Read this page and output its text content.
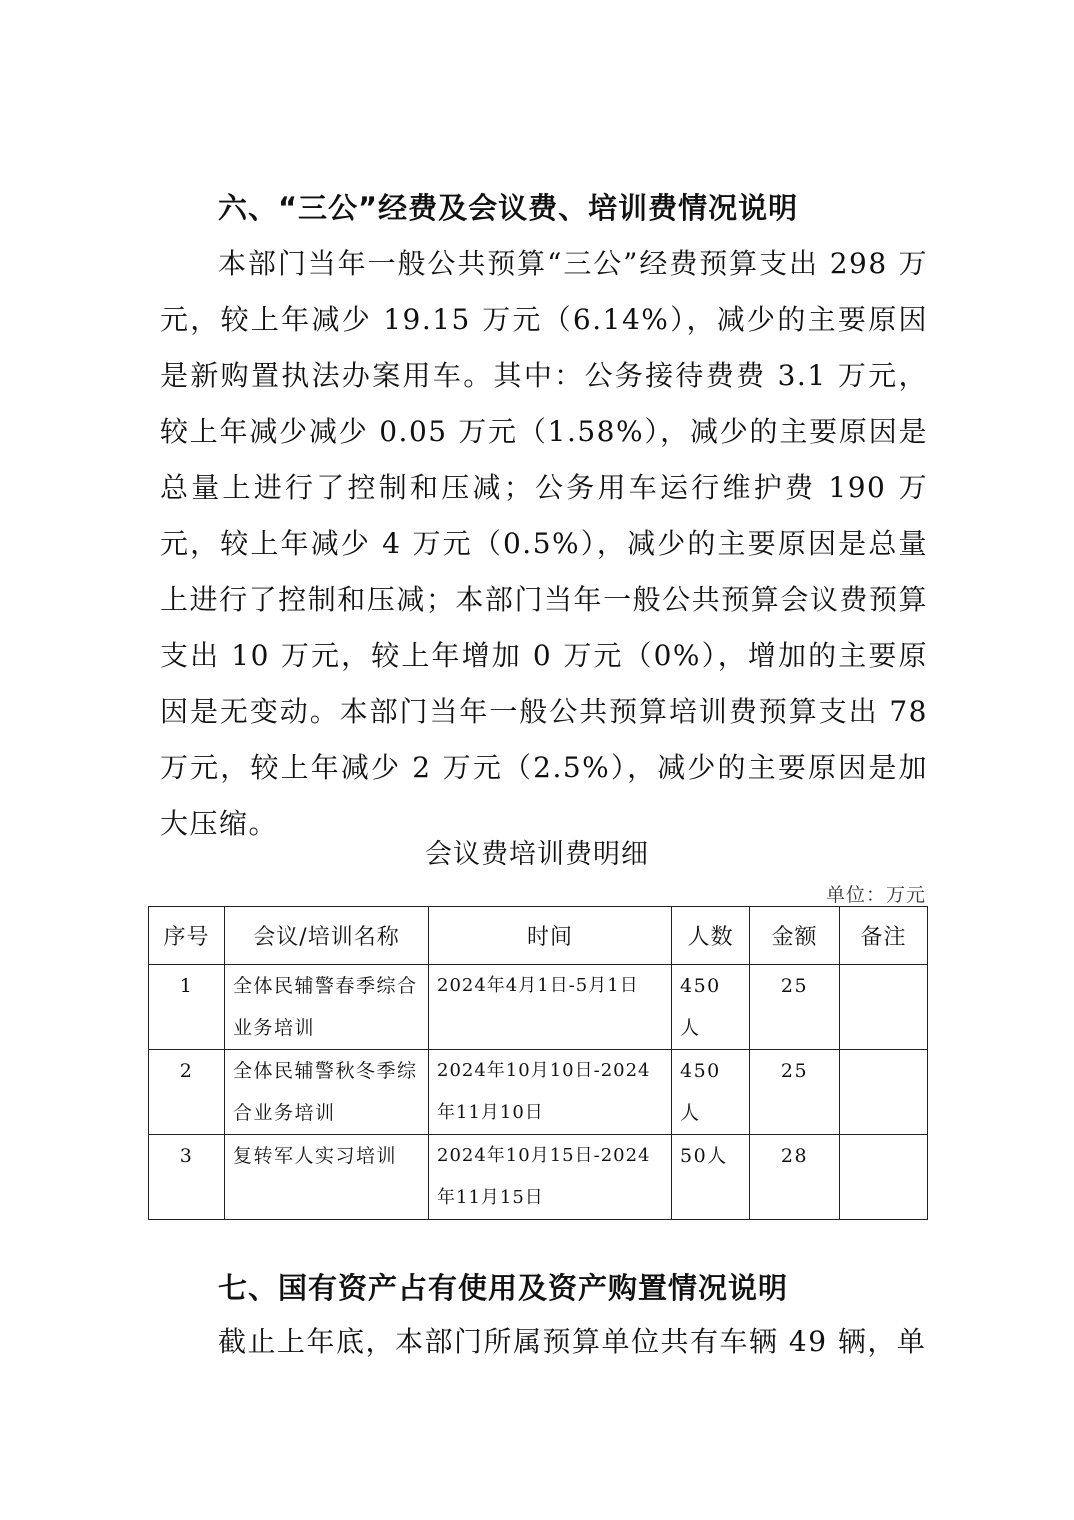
六、“三公”经费及会议费、培训费情况说明

本部门当年一般公共预算“三公”经费预算支出 298 万元，较上年减少 19.15 万元（6.14%），减少的主要原因是新购置执法办案用车。其中：公务接待费费 3.1 万元，较上年减少减少 0.05 万元（1.58%），减少的主要原因是总量上进行了控制和压减；公务用车运行维护费 190 万元，较上年减少 4 万元（0.5%），减少的主要原因是总量上进行了控制和压减；本部门当年一般公共预算会议费预算支出 10 万元，较上年增加 0 万元（0%），增加的主要原因是无变动。本部门当年一般公共预算培训费预算支出 78 万元，较上年减少 2 万元（2.5%），减少的主要原因是加大压缩。

会议费培训费明细
单位：万元
序号	会议/培训名称	时间	人数	金额	备注
1	全体民辅警春季综合业务培训	2024年4月1日-5月1日	450人	25	
2	全体民辅警秋冬季综合业务培训	2024年10月10日-2024年11月10日	450人	25	
3	复转军人实习培训	2024年10月15日-2024年11月15日	50人	28	
七、国有资产占有使用及资产购置情况说明

截止上年底，本部门所属预算单位共有车辆 49 辆，单
